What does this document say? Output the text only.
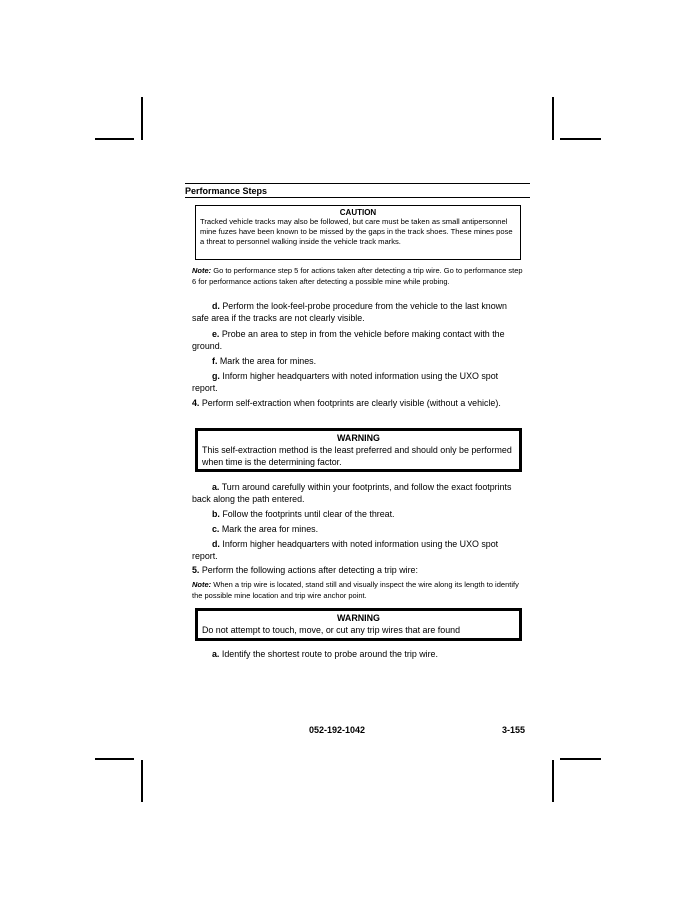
Performance Steps
CAUTION
Tracked vehicle tracks may also be followed, but care must be taken as small antipersonnel mine fuzes have been known to be missed by the gaps in the track shoes. These mines pose a threat to personnel walking inside the vehicle track marks.
Note: Go to performance step 5 for actions taken after detecting a trip wire. Go to performance step 6 for performance actions taken after detecting a possible mine while probing.
d. Perform the look-feel-probe procedure from the vehicle to the last known safe area if the tracks are not clearly visible.
e. Probe an area to step in from the vehicle before making contact with the ground.
f. Mark the area for mines.
g. Inform higher headquarters with noted information using the UXO spot report.
4. Perform self-extraction when footprints are clearly visible (without a vehicle).
WARNING
This self-extraction method is the least preferred and should only be performed when time is the determining factor.
a. Turn around carefully within your footprints, and follow the exact footprints back along the path entered.
b. Follow the footprints until clear of the threat.
c. Mark the area for mines.
d. Inform higher headquarters with noted information using the UXO spot report.
5. Perform the following actions after detecting a trip wire:
Note: When a trip wire is located, stand still and visually inspect the wire along its length to identify the possible mine location and trip wire anchor point.
WARNING
Do not attempt to touch, move, or cut any trip wires that are found
a. Identify the shortest route to probe around the trip wire.
052-192-1042	3-155
